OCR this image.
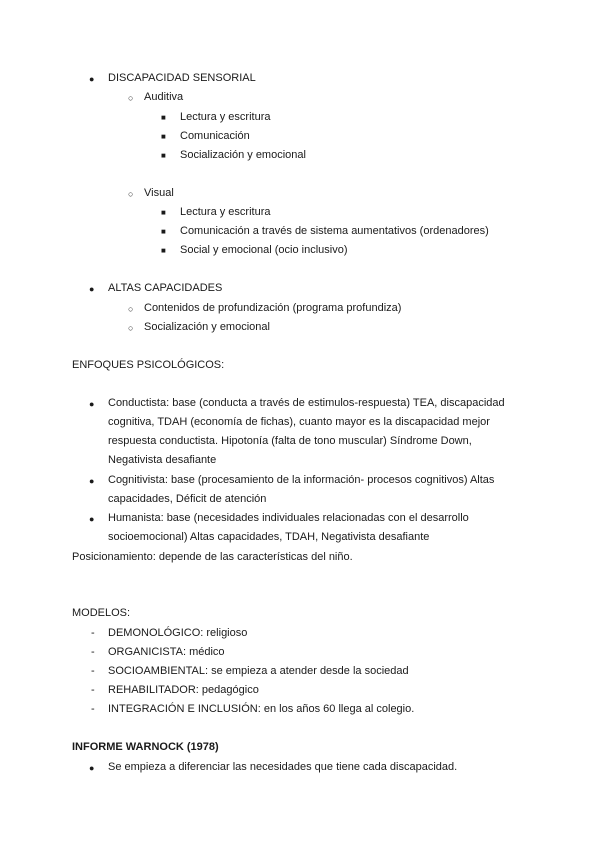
● DISCAPACIDAD SENSORIAL
○ Auditiva
■ Lectura y escritura
■ Comunicación
■ Socialización y emocional
○ Visual
■ Lectura y escritura
■ Comunicación a través de sistema aumentativos (ordenadores)
■ Social y emocional (ocio inclusivo)
● ALTAS CAPACIDADES
○ Contenidos de profundización (programa profundiza)
○ Socialización y emocional
ENFOQUES PSICOLÓGICOS:
● Conductista: base (conducta a través de estimulos-respuesta) TEA, discapacidad
cognitiva, TDAH (economía de fichas), cuanto mayor es la discapacidad mejor
respuesta conductista. Hipotonía (falta de tono muscular) Síndrome Down,
Negativista desafiante
● Cognitivista: base (procesamiento de la información- procesos cognitivos) Altas
capacidades, Déficit de atención
● Humanista: base (necesidades individuales relacionadas con el desarrollo
socioemocional) Altas capacidades, TDAH, Negativista desafiante
Posicionamiento: depende de las características del niño.
MODELOS:
- DEMONOLÓGICO: religioso
- ORGANICISTA: médico
- SOCIOAMBIENTAL: se empieza a atender desde la sociedad
- REHABILITADOR: pedagógico
- INTEGRACIÓN E INCLUSIÓN: en los años 60 llega al colegio.
INFORME WARNOCK (1978)
● Se empieza a diferenciar las necesidades que tiene cada discapacidad.
